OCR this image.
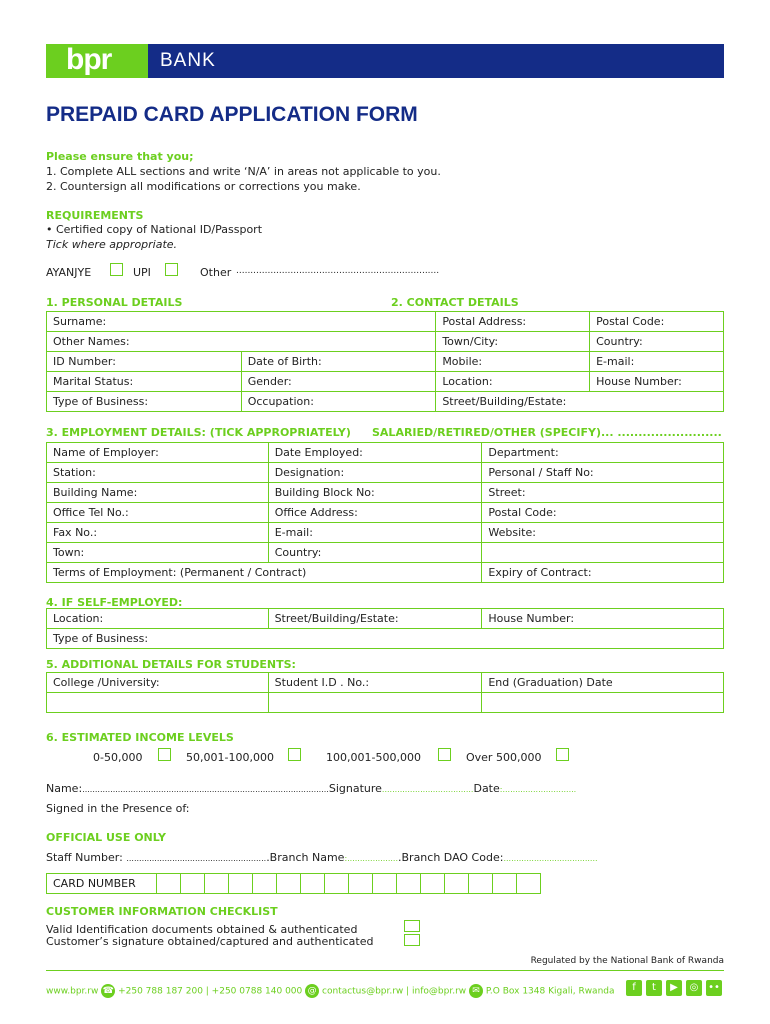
bpr	BANK
PREPAID CARD APPLICATION FORM
Please ensure that you;
1. Complete ALL sections and write ‘N/A’ in areas not applicable to you.
2. Countersign all modifications or corrections you make.
REQUIREMENTS
• Certified copy of National ID/Passport
Tick where appropriate.
AYANJYE	UPI	Other .......................................................................
1. PERSONAL DETAILS	2. CONTACT DETAILS
Surname:		Postal Address:	Postal Code:
Other Names:		Town/City:	Country:
ID Number:	Date of Birth:	Mobile:	E-mail:
Marital Status:	Gender:	Location:	House Number:
Type of Business:	Occupation:	Street/Building/Estate:	
3. EMPLOYMENT DETAILS: (TICK APPROPRIATELY) SALARIED/RETIRED/OTHER (SPECIFY)... .........................
Name of Employer:	Date Employed:	Department:
Station:	Designation:	Personal / Staff No:
Building Name:	Building Block No:	Street:
Office Tel No.:	Office Address:	Postal Code:
Fax No.:	E-mail:	Website:
Town:	Country:	
Terms of Employment: (Permanent / Contract)		Expiry of Contract:
4. IF SELF-EMPLOYED:
Location:	Street/Building/Estate:	House Number:
Type of Business:
5. ADDITIONAL DETAILS FOR STUDENTS:
College /University:	Student I.D . No.:	End (Graduation) Date

6. ESTIMATED INCOME LEVELS
0-50,000	50,001-100,000	100,001-500,000	Over 500,000
Name:.................................................................................................Signature....................................Date:.............................
Signed in the Presence of:
OFFICIAL USE ONLY
Staff Number: ........................................................Branch Name:.....................Branch DAO Code:.....................................
CARD NUMBER																
CUSTOMER INFORMATION CHECKLIST
Valid Identification documents obtained & authenticated
Customer’s signature obtained/captured and authenticated
Regulated by the National Bank of Rwanda
www.bpr.rw ☎ +250 788 187 200 | +250 0788 140 000 @ contactus@bpr.rw | info@bpr.rw ✉ P.O Box 1348 Kigali, Rwanda	f	t	▶	◎ ••
